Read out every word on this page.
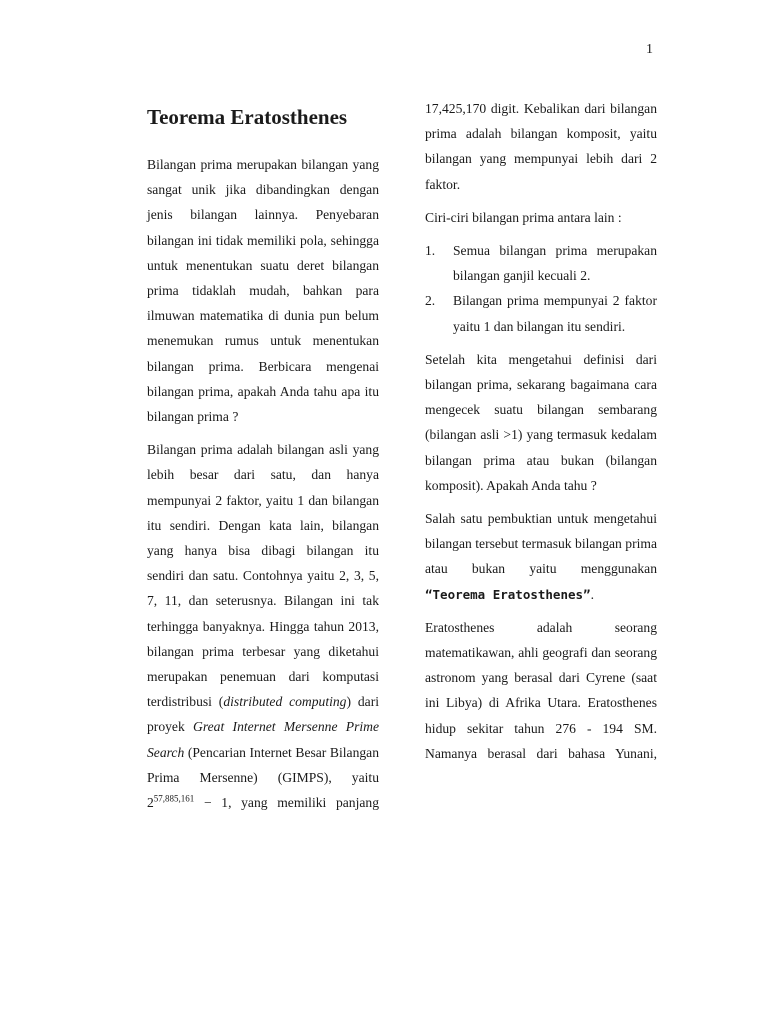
1
Teorema Eratosthenes

Bilangan prima merupakan bilangan yang sangat unik jika dibandingkan dengan jenis bilangan lainnya. Penyebaran bilangan ini tidak memiliki pola, sehingga untuk menentukan suatu deret bilangan prima tidaklah mudah, bahkan para ilmuwan matematika di dunia pun belum menemukan rumus untuk menentukan bilangan prima. Berbicara mengenai bilangan prima, apakah Anda tahu apa itu bilangan prima ?

Bilangan prima adalah bilangan asli yang lebih besar dari satu, dan hanya mempunyai 2 faktor, yaitu 1 dan bilangan itu sendiri. Dengan kata lain, bilangan yang hanya bisa dibagi bilangan itu sendiri dan satu. Contohnya yaitu 2, 3, 5, 7, 11, dan seterusnya. Bilangan ini tak terhingga banyaknya. Hingga tahun 2013, bilangan prima terbesar yang diketahui merupakan penemuan dari komputasi terdistribusi (distributed computing) dari proyek Great Internet Mersenne Prime Search (Pencarian Internet Besar Bilangan Prima Mersenne) (GIMPS), yaitu $2^{57,885,161} - 1$, yang memiliki panjang

17,425,170 digit. Kebalikan dari bilangan prima adalah bilangan komposit, yaitu bilangan yang mempunyai lebih dari 2 faktor.

Ciri-ciri bilangan prima antara lain :

1. Semua bilangan prima merupakan bilangan ganjil kecuali 2.
2. Bilangan prima mempunyai 2 faktor yaitu 1 dan bilangan itu sendiri.

Setelah kita mengetahui definisi dari bilangan prima, sekarang bagaimana cara mengecek suatu bilangan sembarang (bilangan asli >1) yang termasuk kedalam bilangan prima atau bukan (bilangan komposit). Apakah Anda tahu ?

Salah satu pembuktian untuk mengetahui bilangan tersebut termasuk bilangan prima atau bukan yaitu menggunakan “Teorema Eratosthenes”.

Eratosthenes adalah seorang matematikawan, ahli geografi dan seorang astronom yang berasal dari Cyrene (saat ini Libya) di Afrika Utara. Eratosthenes hidup sekitar tahun 276 - 194 SM. Namanya berasal dari bahasa Yunani,
